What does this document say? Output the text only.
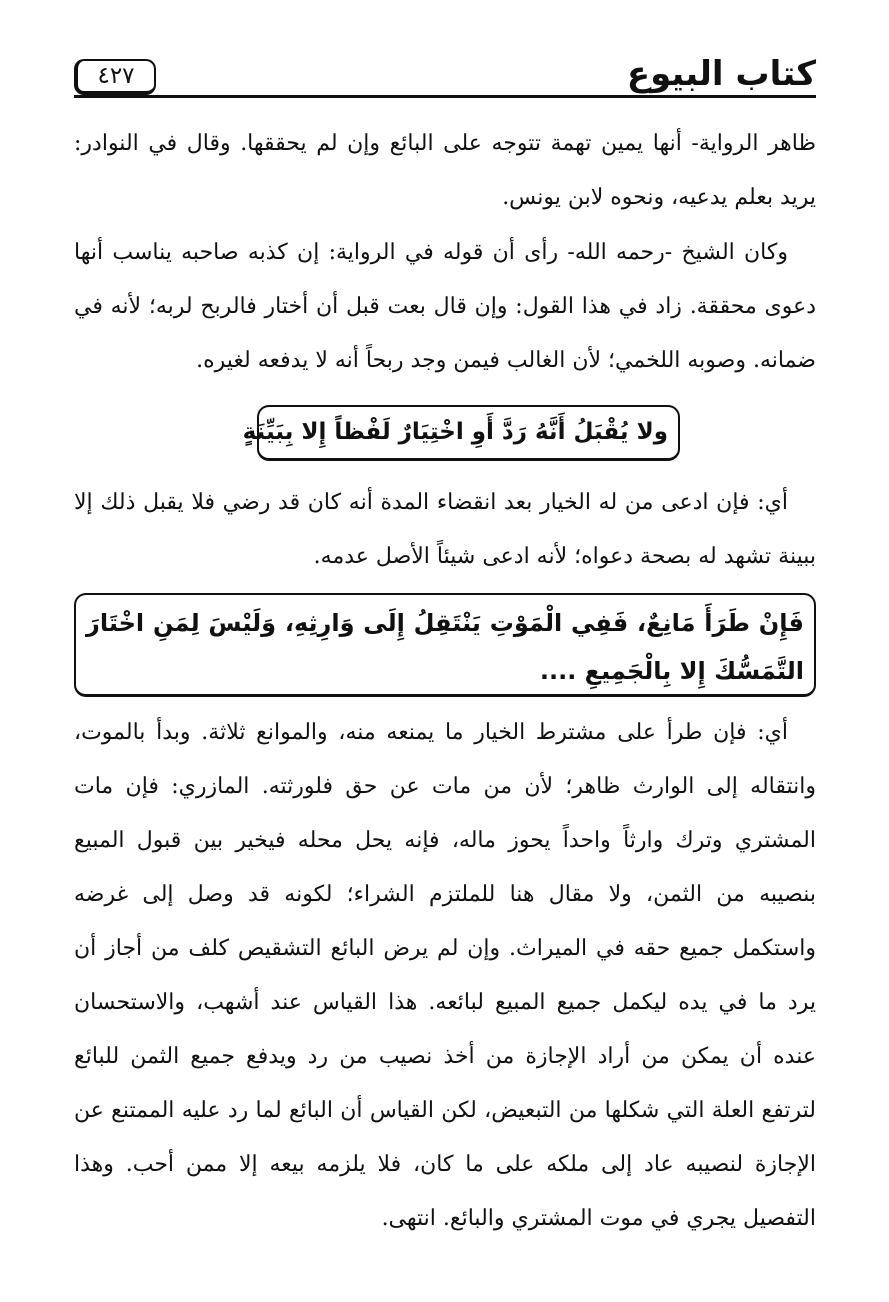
كتاب البيوع
٤٢٧

ظاهر الرواية- أنها يمين تهمة تتوجه على البائع وإن لم يحققها. وقال في النوادر: يريد بعلم يدعيه، ونحوه لابن يونس.

وكان الشيخ -رحمه الله- رأى أن قوله في الرواية: إن كذبه صاحبه يناسب أنها دعوى محققة. زاد في هذا القول: وإن قال بعت قبل أن أختار فالربح لربه؛ لأنه في ضمانه. وصوبه اللخمي؛ لأن الغالب فيمن وجد ربحاً أنه لا يدفعه لغيره.

ولا يُقْبَلُ أَنَّهُ رَدَّ أَوِ اخْتِيَارٌ لَفْظاً إِلا بِبَيِّنَةٍ

أي: فإن ادعى من له الخيار بعد انقضاء المدة أنه كان قد رضي فلا يقبل ذلك إلا ببينة تشهد له بصحة دعواه؛ لأنه ادعى شيئاً الأصل عدمه.

فَإِنْ طَرَأَ مَانِعٌ، فَفِي الْمَوْتِ يَنْتَقِلُ إِلَى وَارِثِهِ، وَلَيْسَ لِمَنِ اخْتَارَ التَّمَسُّكَ إِلا بِالْجَمِيعِ ....

أي: فإن طرأ على مشترط الخيار ما يمنعه منه، والموانع ثلاثة. وبدأ بالموت، وانتقاله إلى الوارث ظاهر؛ لأن من مات عن حق فلورثته. المازري: فإن مات المشتري وترك وارثاً واحداً يحوز ماله، فإنه يحل محله فيخير بين قبول المبيع بنصيبه من الثمن، ولا مقال هنا للملتزم الشراء؛ لكونه قد وصل إلى غرضه واستكمل جميع حقه في الميراث. وإن لم يرض البائع التشقيص كلف من أجاز أن يرد ما في يده ليكمل جميع المبيع لبائعه. هذا القياس عند أشهب، والاستحسان عنده أن يمكن من أراد الإجازة من أخذ نصيب من رد ويدفع جميع الثمن للبائع لترتفع العلة التي شكلها من التبعيض، لكن القياس أن البائع لما رد عليه الممتنع عن الإجازة لنصيبه عاد إلى ملكه على ما كان، فلا يلزمه بيعه إلا ممن أحب. وهذا التفصيل يجري في موت المشتري والبائع. انتهى.
